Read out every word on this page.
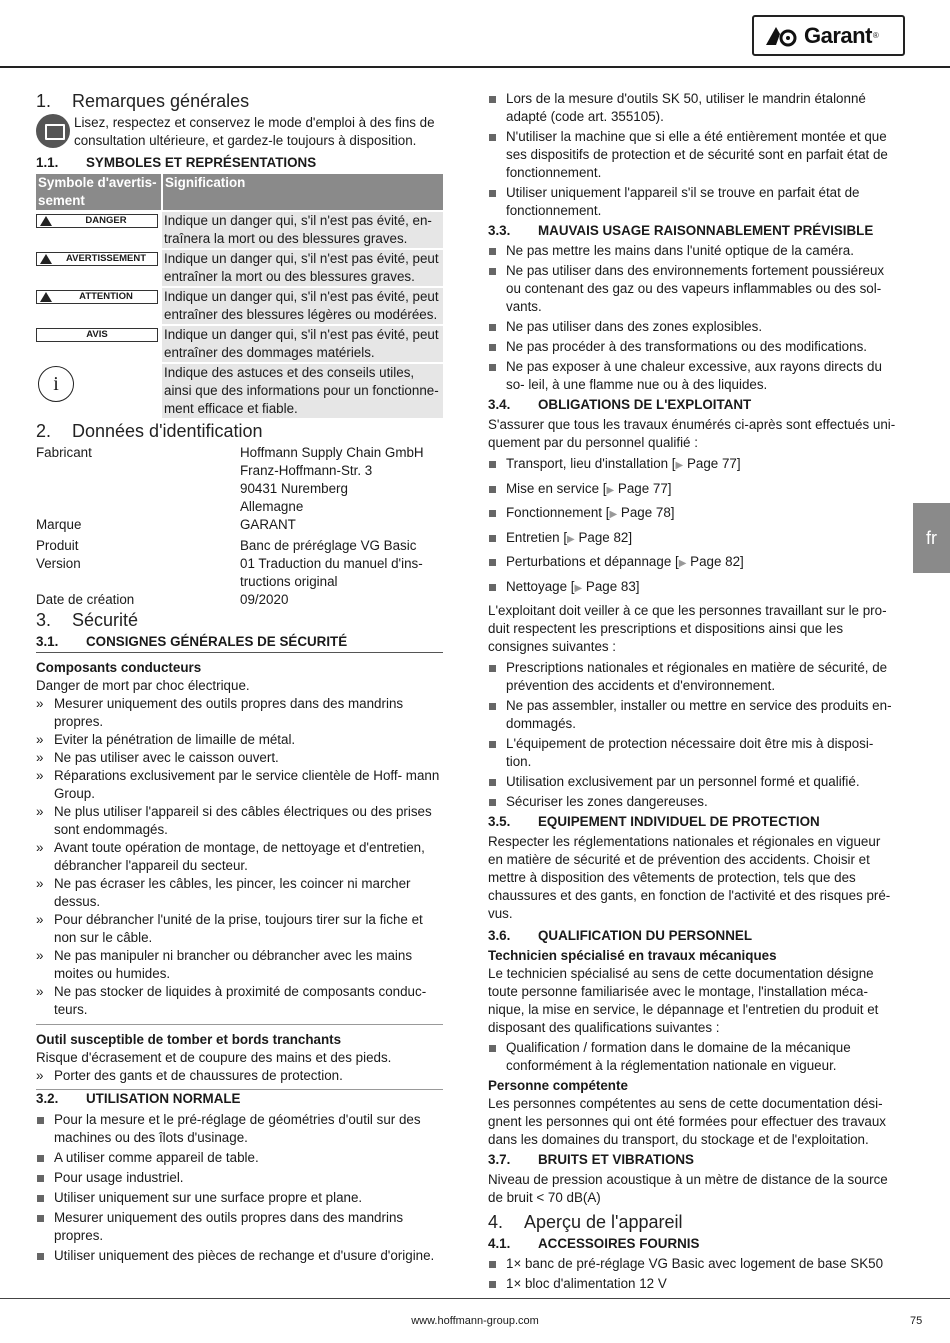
Garant ®
fr
1.	Remarques générales
Lisez, respectez et conservez le mode d'emploi à des fins de consultation ultérieure, et gardez-le toujours à disposition.
1.1.	SYMBOLES ET REPRÉSENTATIONS
Symbole d'avertis- sement	Signification

DANGER	Indique un danger qui, s'il n'est pas évité, en- traînera la mort ou des blessures graves.

AVERTISSEMENT	Indique un danger qui, s'il n'est pas évité, peut entraîner la mort ou des blessures graves.

ATTENTION	Indique un danger qui, s'il n'est pas évité, peut entraîner des blessures légères ou modérées.

AVIS	Indique un danger qui, s'il n'est pas évité, peut entraîner des dommages matériels.

i	Indique des astuces et des conseils utiles, ainsi que des informations pour un fonctionne- ment efficace et fiable.
2.	Données d'identification
Fabricant	Hoffmann Supply Chain GmbH
Franz-Hoffmann-Str. 3
90431 Nuremberg
Allemagne
Marque	GARANT
Produit	Banc de préréglage VG Basic
Version	01 Traduction du manuel d'ins- tructions original
Date de création	09/2020
3.	Sécurité
3.1.	CONSIGNES GÉNÉRALES DE SÉCURITÉ
Composants conducteurs
Danger de mort par choc électrique.
» Mesurer uniquement des outils propres dans des mandrins propres.
» Eviter la pénétration de limaille de métal.
» Ne pas utiliser avec le caisson ouvert.
» Réparations exclusivement par le service clientèle de Hoff- mann Group.
» Ne plus utiliser l'appareil si des câbles électriques ou des prises sont endommagés.
» Avant toute opération de montage, de nettoyage et d'entretien, débrancher l'appareil du secteur.
» Ne pas écraser les câbles, les pincer, les coincer ni marcher dessus.
» Pour débrancher l'unité de la prise, toujours tirer sur la fiche et non sur le câble.
» Ne pas manipuler ni brancher ou débrancher avec les mains moites ou humides.
» Ne pas stocker de liquides à proximité de composants conduc- teurs.
Outil susceptible de tomber et bords tranchants
Risque d'écrasement et de coupure des mains et des pieds.
» Porter des gants et de chaussures de protection.
3.2.	UTILISATION NORMALE
Pour la mesure et le pré-réglage de géométries d'outil sur des machines ou des îlots d'usinage.
A utiliser comme appareil de table.
Pour usage industriel.
Utiliser uniquement sur une surface propre et plane.
Mesurer uniquement des outils propres dans des mandrins propres.
Utiliser uniquement des pièces de rechange et d'usure d'origine.
Lors de la mesure d'outils SK 50, utiliser le mandrin étalonné adapté (code art. 355105).
N'utiliser la machine que si elle a été entièrement montée et que ses dispositifs de protection et de sécurité sont en parfait état de fonctionnement.
Utiliser uniquement l'appareil s'il se trouve en parfait état de fonctionnement.
3.3.	MAUVAIS USAGE RAISONNABLEMENT PRÉVISIBLE
Ne pas mettre les mains dans l'unité optique de la caméra.
Ne pas utiliser dans des environnements fortement poussiéreux ou contenant des gaz ou des vapeurs inflammables ou des sol- vants.
Ne pas utiliser dans des zones explosibles.
Ne pas procéder à des transformations ou des modifications.
Ne pas exposer à une chaleur excessive, aux rayons directs du so- leil, à une flamme nue ou à des liquides.
3.4.	OBLIGATIONS DE L'EXPLOITANT
S'assurer que tous les travaux énumérés ci-après sont effectués uni- quement par du personnel qualifié :
Transport, lieu d'installation [▶ Page 77]
Mise en service [▶ Page 77]
Fonctionnement [▶ Page 78]
Entretien [▶ Page 82]
Perturbations et dépannage [▶ Page 82]
Nettoyage [▶ Page 83]
L'exploitant doit veiller à ce que les personnes travaillant sur le pro- duit respectent les prescriptions et dispositions ainsi que les consignes suivantes :
Prescriptions nationales et régionales en matière de sécurité, de prévention des accidents et d'environnement.
Ne pas assembler, installer ou mettre en service des produits en- dommagés.
L'équipement de protection nécessaire doit être mis à disposi- tion.
Utilisation exclusivement par un personnel formé et qualifié.
Sécuriser les zones dangereuses.
3.5.	EQUIPEMENT INDIVIDUEL DE PROTECTION
Respecter les réglementations nationales et régionales en vigueur en matière de sécurité et de prévention des accidents. Choisir et mettre à disposition des vêtements de protection, tels que des chaussures et des gants, en fonction de l'activité et des risques pré- vus.
3.6.	QUALIFICATION DU PERSONNEL
Technicien spécialisé en travaux mécaniques
Le technicien spécialisé au sens de cette documentation désigne toute personne familiarisée avec le montage, l'installation méca- nique, la mise en service, le dépannage et l'entretien du produit et disposant des qualifications suivantes :
Qualification / formation dans le domaine de la mécanique conformément à la réglementation nationale en vigueur.
Personne compétente
Les personnes compétentes au sens de cette documentation dési- gnent les personnes qui ont été formées pour effectuer des travaux dans les domaines du transport, du stockage et de l'exploitation.
3.7.	BRUITS ET VIBRATIONS
Niveau de pression acoustique à un mètre de distance de la source de bruit < 70 dB(A)
4.	Aperçu de l'appareil
4.1.	ACCESSOIRES FOURNIS
1× banc de pré-réglage VG Basic avec logement de base SK50
1× bloc d'alimentation 12 V
www.hoffmann-group.com	75
